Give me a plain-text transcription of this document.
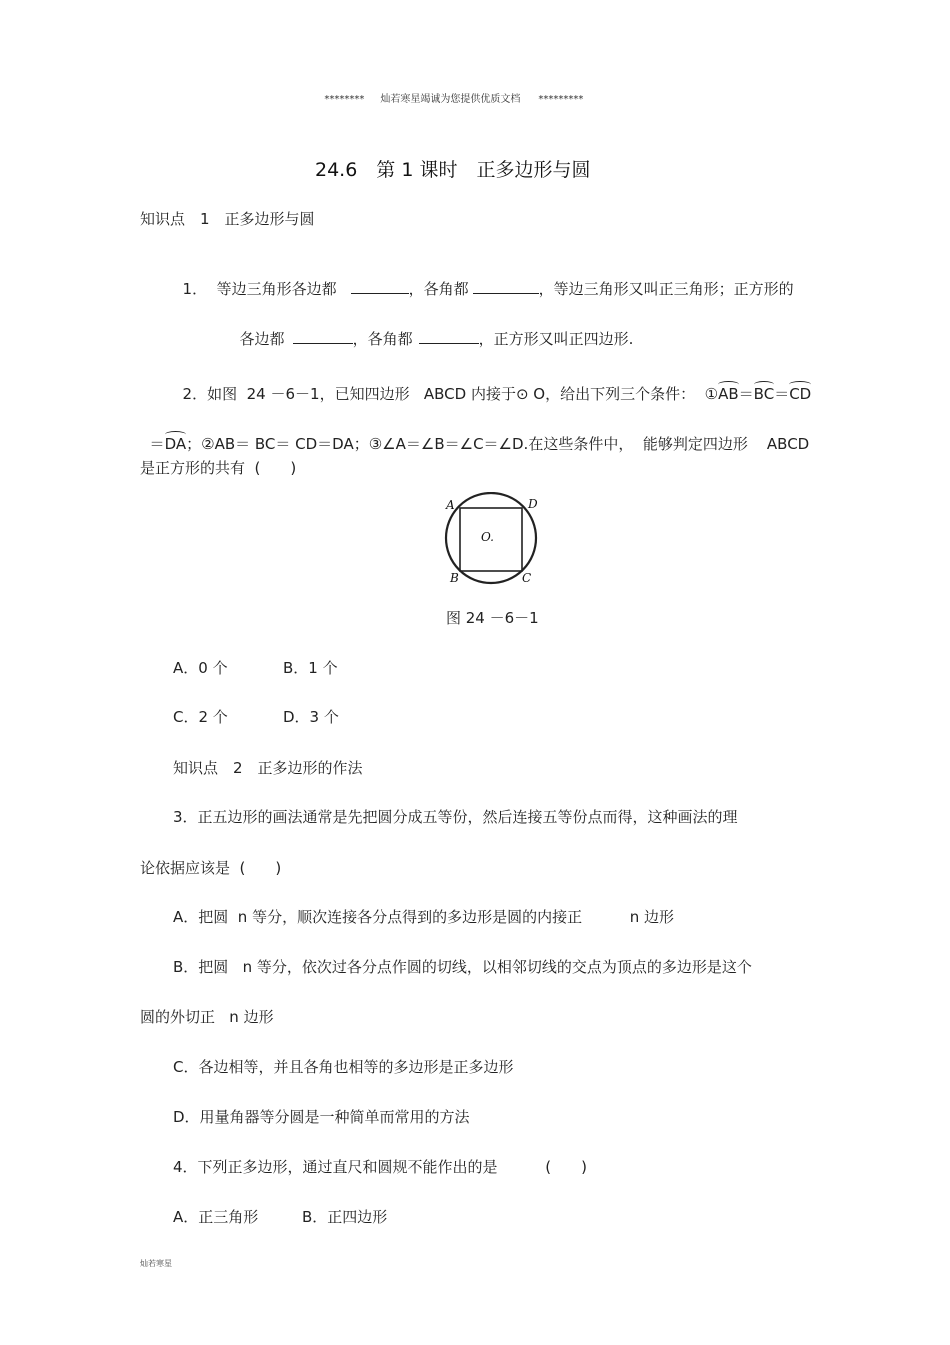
******** 灿若寒星竭诚为您提供优质文档 *********

24.6　第 1 课时　正多边形与圆
知识点　1　正多边形与圆

1．  等边三角形各边都	，各角都	，等边三角形又叫正三角形；正方形的

各边都	，各角都	，正方形又叫正四边形.

2．如图  24 －6－1，已知四边形   ABCD 内接于⊙ O，给出下列三个条件：  ①AB＝BC＝CD

＝DA；②AB＝ BC＝ CD＝DA；③∠A＝∠B＝∠C＝∠D.在这些条件中，  能够判定四边形    ABCD

是正方形的共有  (　　)
A	D
B	C
O.
图 24 －6－1
A．0 个	B．1 个
C．2 个	D．3 个
知识点　2　正多边形的作法
3．正五边形的画法通常是先把圆分成五等份，然后连接五等份点而得，这种画法的理
论依据应该是  (　　)
A．把圆  n 等分，顺次连接各分点得到的多边形是圆的内接正          n 边形
B．把圆   n 等分，依次过各分点作圆的切线，以相邻切线的交点为顶点的多边形是这个
圆的外切正   n 边形
C．各边相等，并且各角也相等的多边形是正多边形
D．用量角器等分圆是一种简单而常用的方法
4．下列正多边形，通过直尺和圆规不能作出的是          (　　)
A．正三角形	B．正四边形
灿若寒星
